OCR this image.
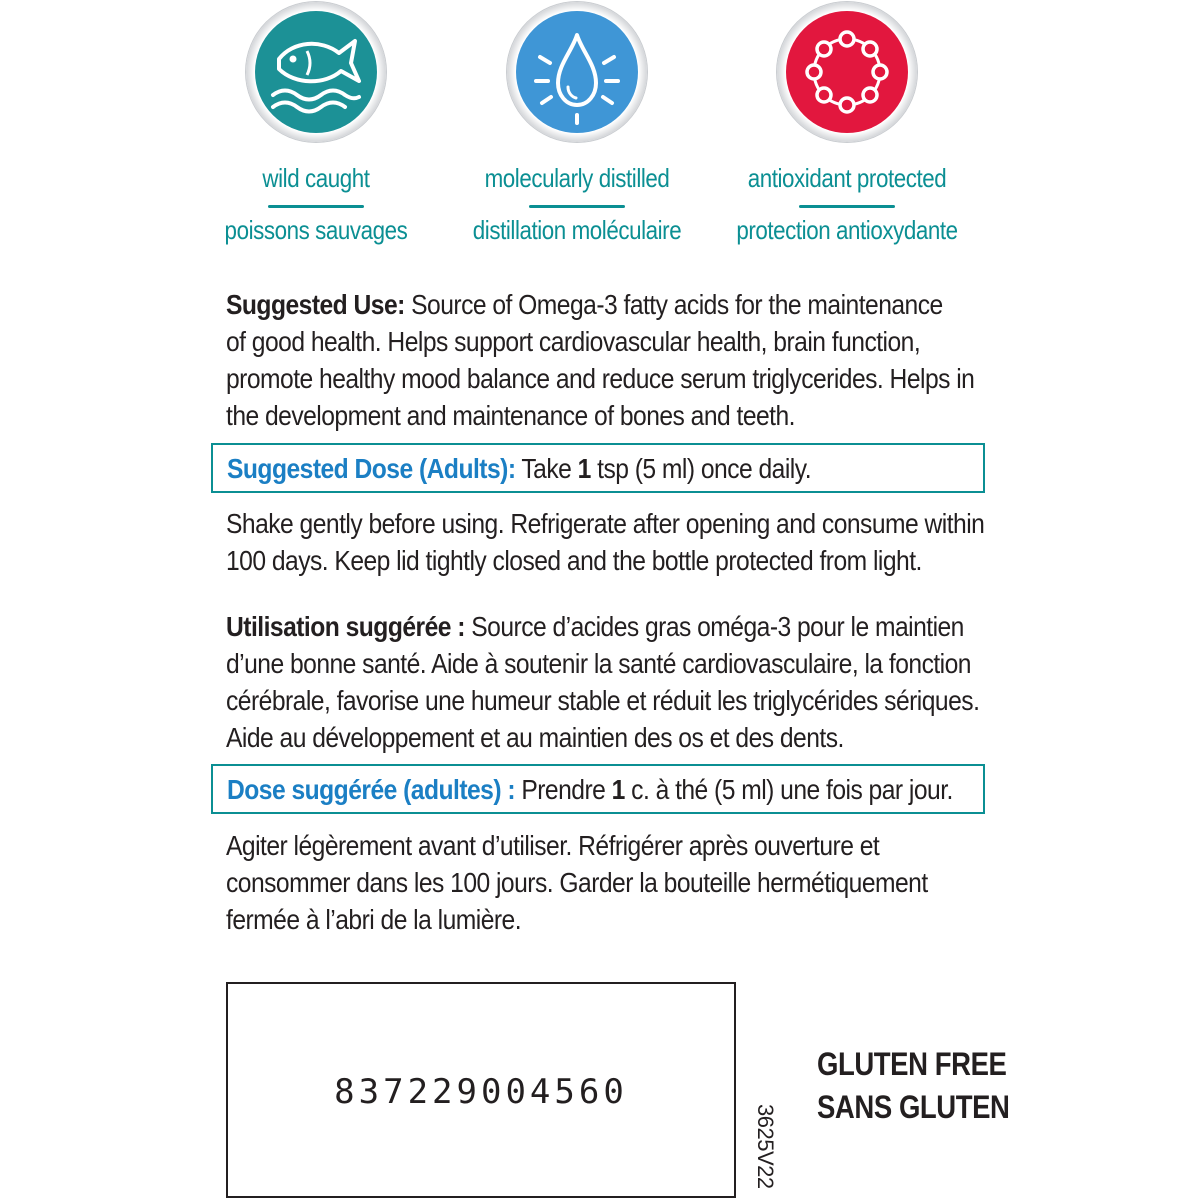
wild caught
poissons sauvages
molecularly distilled
distillation moléculaire
antioxidant protected
protection antioxydante
Suggested Use: Source of Omega-3 fatty acids for the maintenance
of good health. Helps support cardiovascular health, brain function,
promote healthy mood balance and reduce serum triglycerides. Helps in
the development and maintenance of bones and teeth.
Suggested Dose (Adults): Take 1 tsp (5 ml) once daily.
Shake gently before using. Refrigerate after opening and consume within
100 days. Keep lid tightly closed and the bottle protected from light.
Utilisation suggérée : Source d’acides gras oméga-3 pour le maintien
d’une bonne santé. Aide à soutenir la santé cardiovasculaire, la fonction
cérébrale, favorise une humeur stable et réduit les triglycérides sériques.
Aide au développement et au maintien des os et des dents.
Dose suggérée (adultes) : Prendre 1 c. à thé (5 ml) une fois par jour.
Agiter légèrement avant d’utiliser. Réfrigérer après ouverture et
consommer dans les 100 jours. Garder la bouteille hermétiquement
fermée à l’abri de la lumière.
837229004560
3625V22
GLUTEN FREE
SANS GLUTEN
